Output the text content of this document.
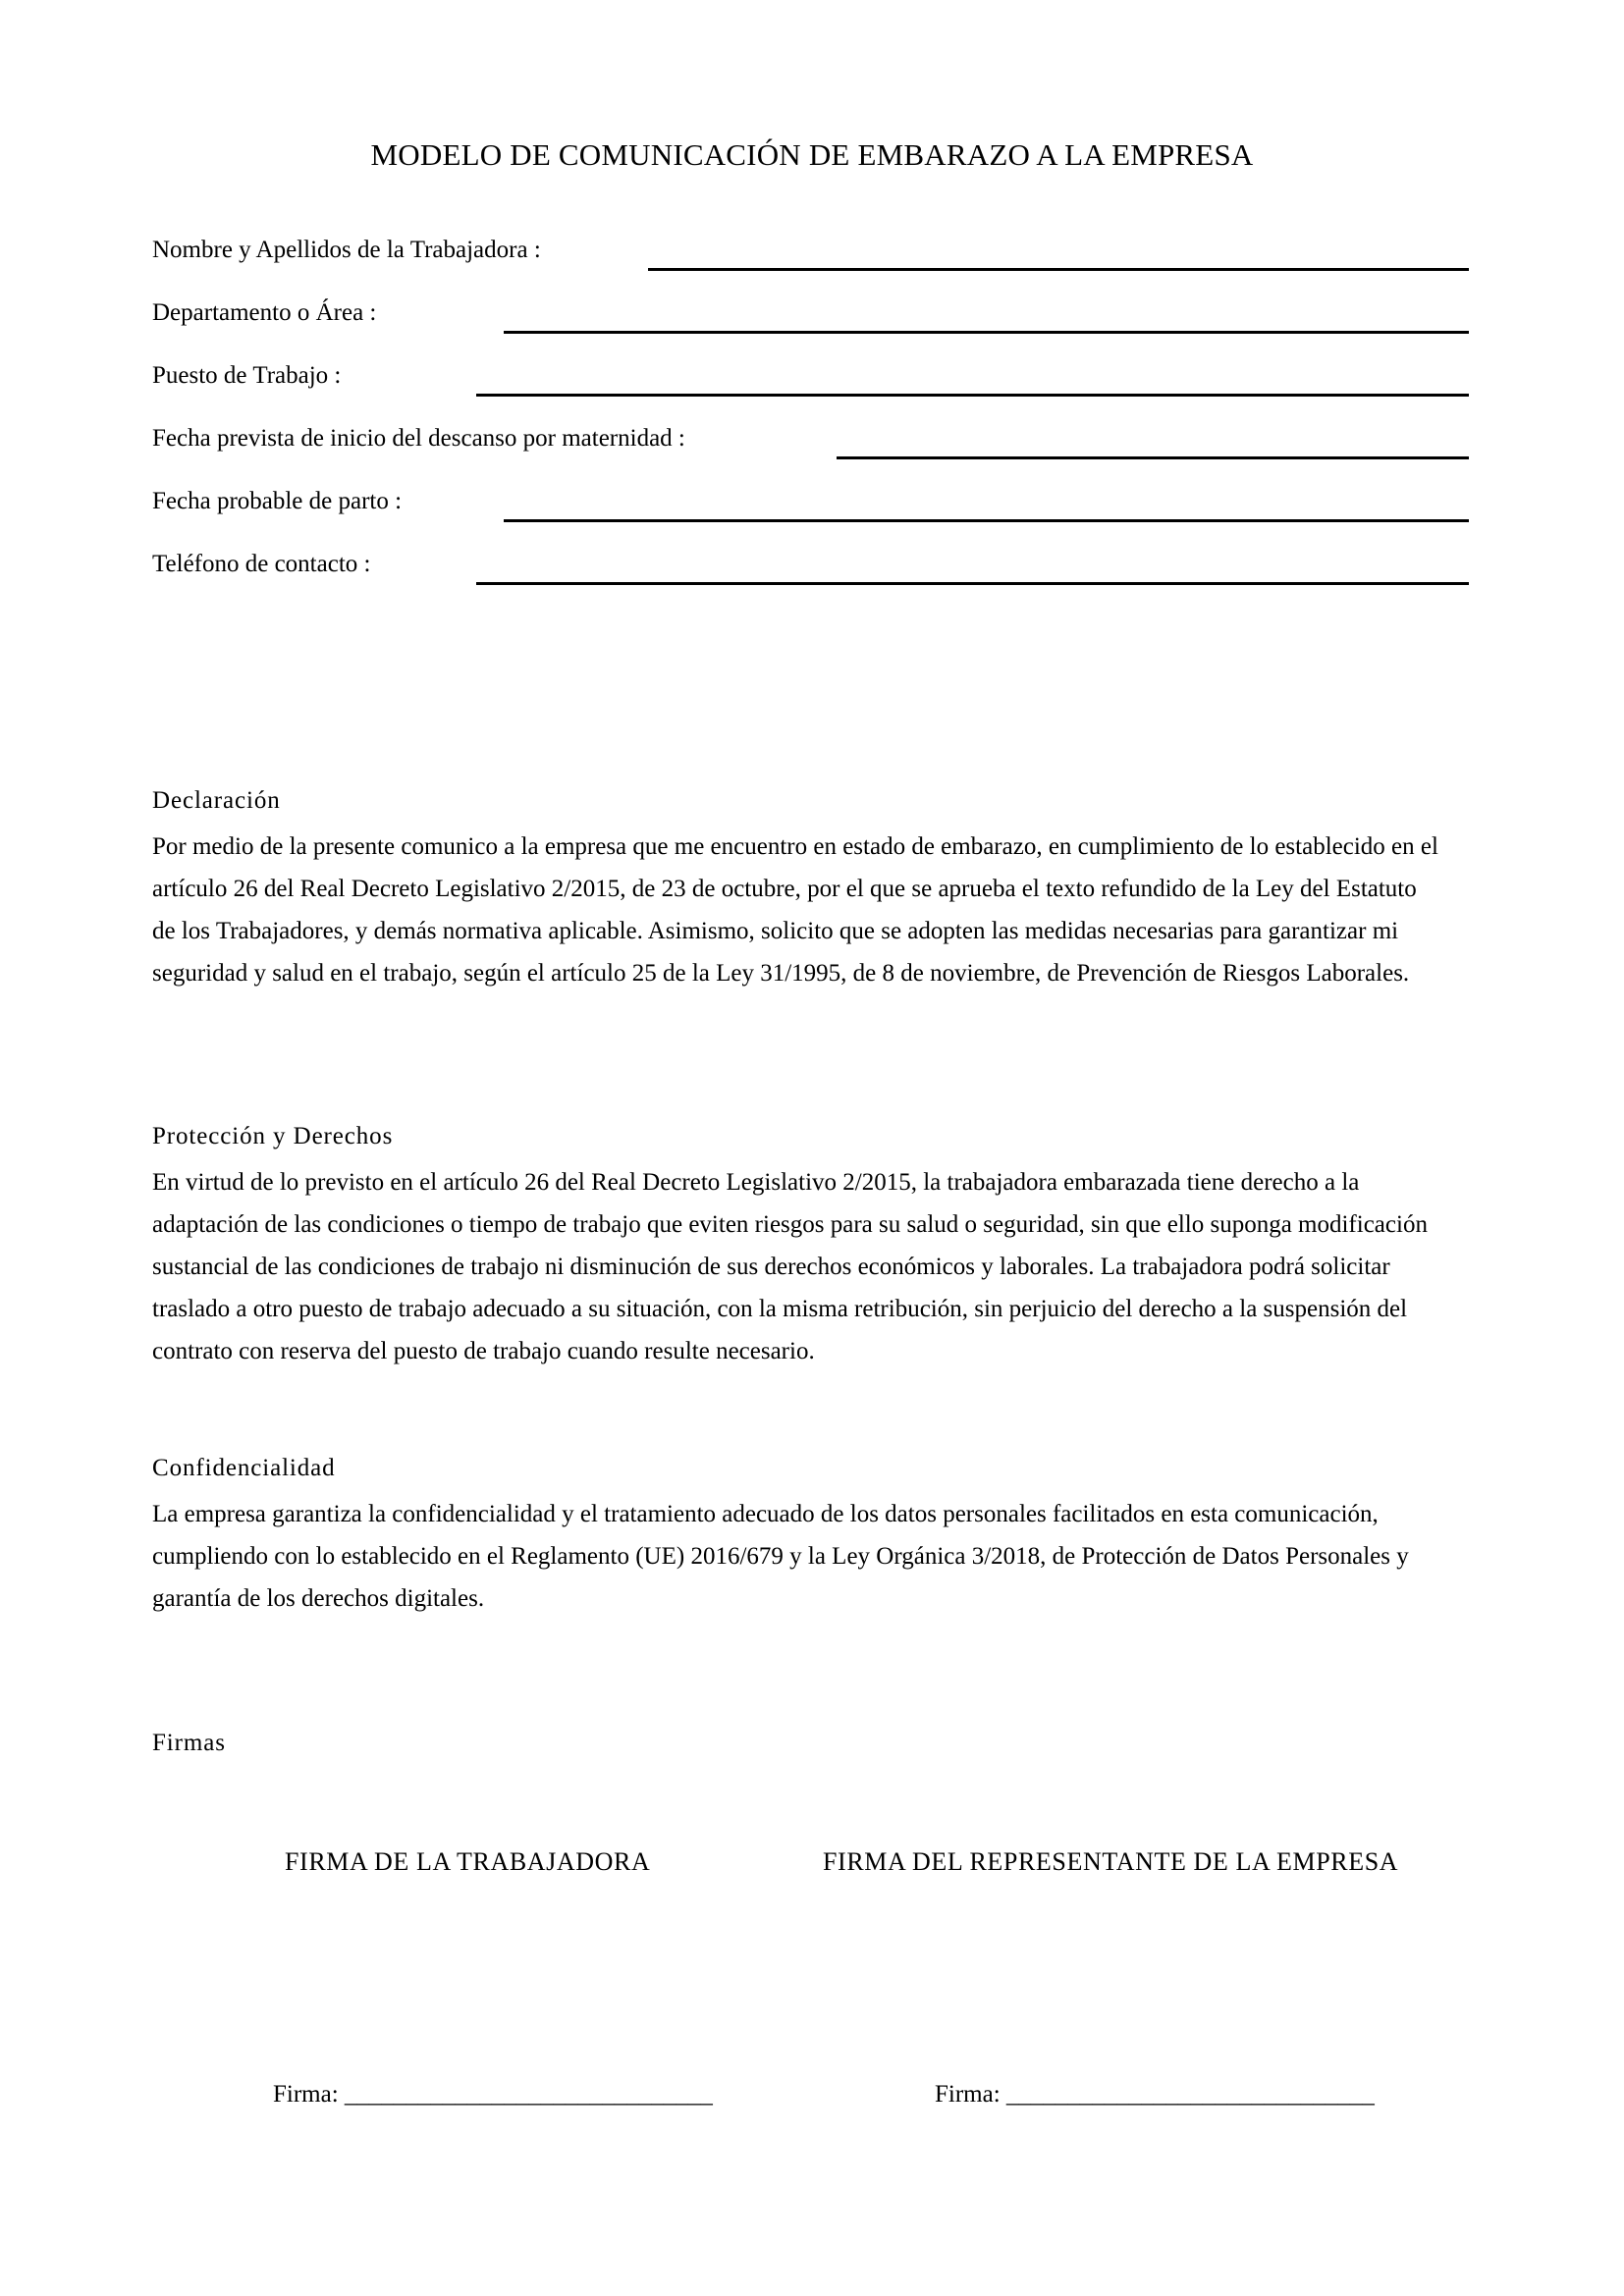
MODELO DE COMUNICACIÓN DE EMBARAZO A LA EMPRESA
Nombre y Apellidos de la Trabajadora :
Departamento o Área :
Puesto de Trabajo :
Fecha prevista de inicio del descanso por maternidad :
Fecha probable de parto :
Teléfono de contacto :
Declaración

Por medio de la presente comunico a la empresa que me encuentro en estado de embarazo, en cumplimiento de lo establecido en el artículo 26 del Real Decreto Legislativo 2/2015, de 23 de octubre, por el que se aprueba el texto refundido de la Ley del Estatuto de los Trabajadores, y demás normativa aplicable. Asimismo, solicito que se adopten las medidas necesarias para garantizar mi seguridad y salud en el trabajo, según el artículo 25 de la Ley 31/1995, de 8 de noviembre, de Prevención de Riesgos Laborales.

Protección y Derechos

En virtud de lo previsto en el artículo 26 del Real Decreto Legislativo 2/2015, la trabajadora embarazada tiene derecho a la adaptación de las condiciones o tiempo de trabajo que eviten riesgos para su salud o seguridad, sin que ello suponga modificación sustancial de las condiciones de trabajo ni disminución de sus derechos económicos y laborales. La trabajadora podrá solicitar traslado a otro puesto de trabajo adecuado a su situación, con la misma retribución, sin perjuicio del derecho a la suspensión del contrato con reserva del puesto de trabajo cuando resulte necesario.

Confidencialidad

La empresa garantiza la confidencialidad y el tratamiento adecuado de los datos personales facilitados en esta comunicación, cumpliendo con lo establecido en el Reglamento (UE) 2016/679 y la Ley Orgánica 3/2018, de Protección de Datos Personales y garantía de los derechos digitales.

Firmas
FIRMA DE LA TRABAJADORA	FIRMA DEL REPRESENTANTE DE LA EMPRESA
Firma: ______________________________	Firma: ______________________________
